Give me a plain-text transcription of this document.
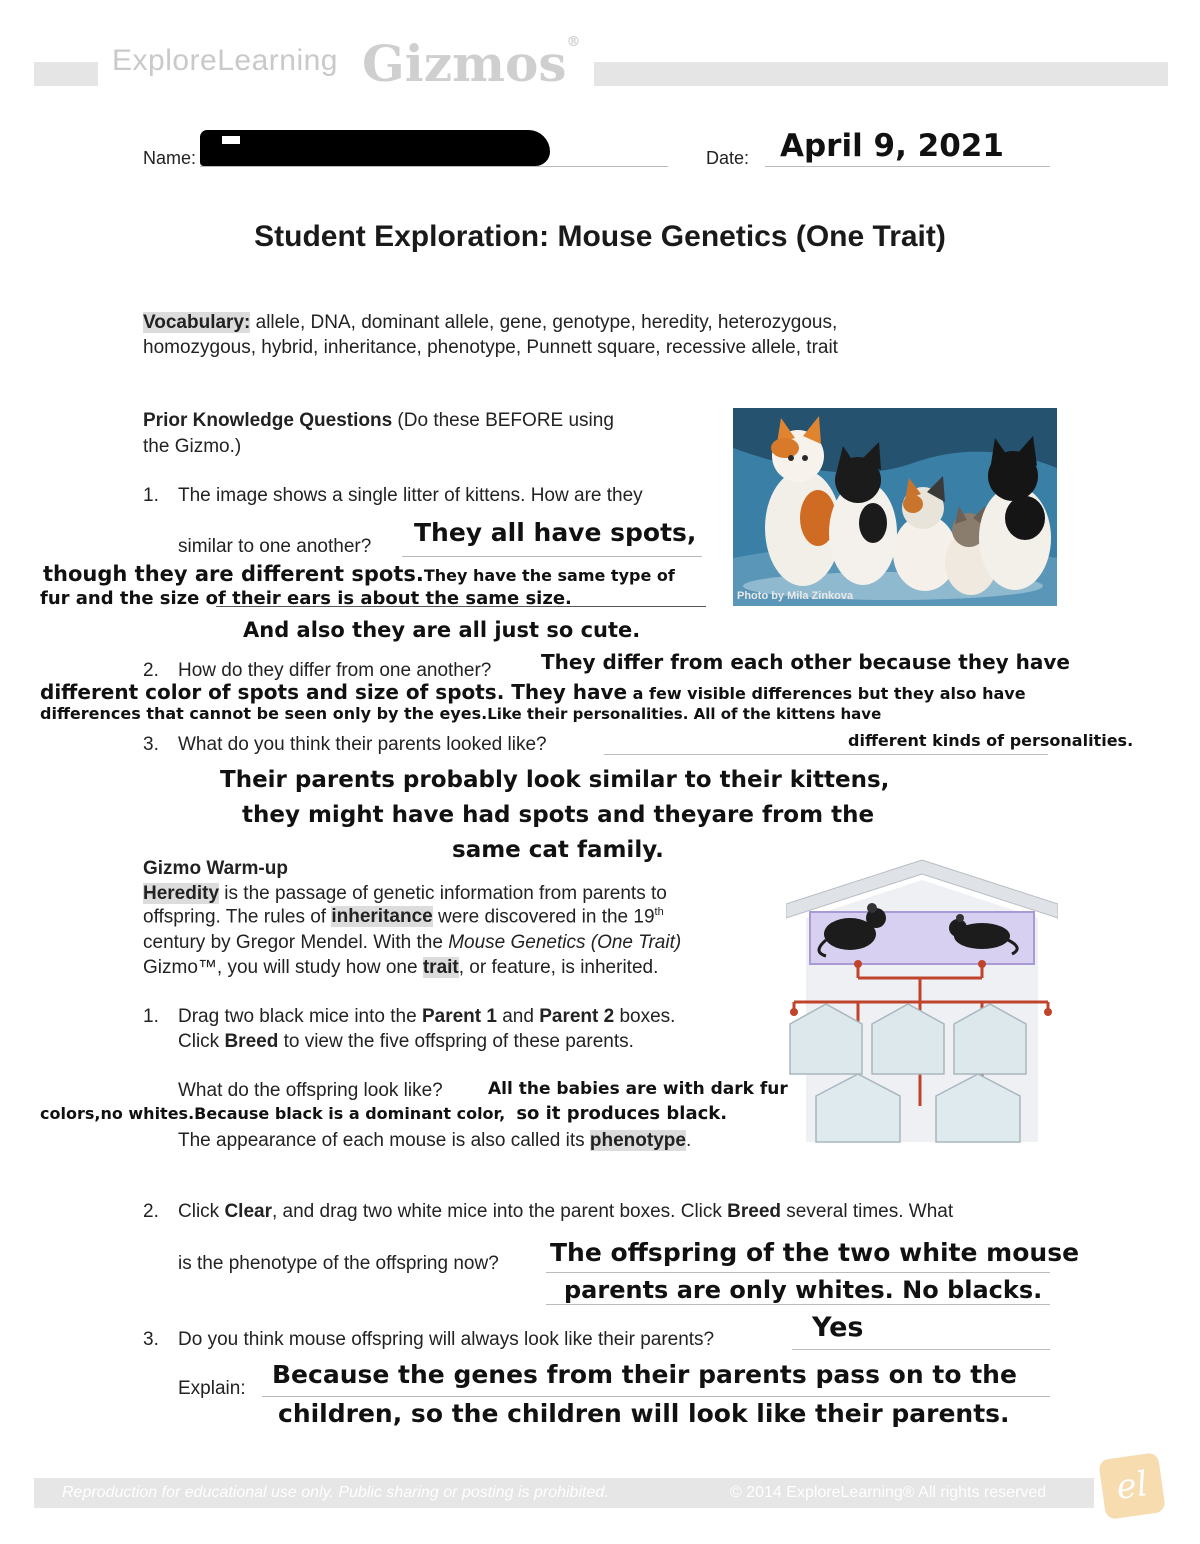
ExploreLearning Gizmos®
Name:	Date: April 9, 2021
Student Exploration: Mouse Genetics (One Trait)
Vocabulary: allele, DNA, dominant allele, gene, genotype, heredity, heterozygous,
homozygous, hybrid, inheritance, phenotype, Punnett square, recessive allele, trait
Prior Knowledge Questions (Do these BEFORE using
the Gizmo.)
Photo by Mila Zinkova
1. The image shows a single litter of kittens. How are they
similar to one another? They all have spots,
though they are different spots.They have the same type of
fur and the size of their ears is about the same size.
And also they are all just so cute.
2. How do they differ from one another? They differ from each other because they have
different color of spots and size of spots. They have a few visible differences but they also have
differences that cannot be seen only by the eyes.Like their personalities. All of the kittens have
different kinds of personalities.
3. What do you think their parents looked like?
Their parents probably look similar to their kittens,
they might have had spots and theyare from the
same cat family.
Gizmo Warm-up
Heredity is the passage of genetic information from parents to
offspring. The rules of inheritance were discovered in the 19th
century by Gregor Mendel. With the Mouse Genetics (One Trait)
Gizmo™, you will study how one trait, or feature, is inherited.
1. Drag two black mice into the Parent 1 and Parent 2 boxes.
Click Breed to view the five offspring of these parents.
What do the offspring look like?	All the babies are with dark fur
colors,no whites.Because black is a dominant color, so it produces black.
The appearance of each mouse is also called its phenotype.
2. Click Clear, and drag two white mice into the parent boxes. Click Breed several times. What
is the phenotype of the offspring now? The offspring of the two white mouse
parents are only whites. No blacks.
3. Do you think mouse offspring will always look like their parents?	Yes
Explain: Because the genes from their parents pass on to the
children, so the children will look like their parents.
Reproduction for educational use only. Public sharing or posting is prohibited.	© 2014 ExploreLearning® All rights reserved	el
